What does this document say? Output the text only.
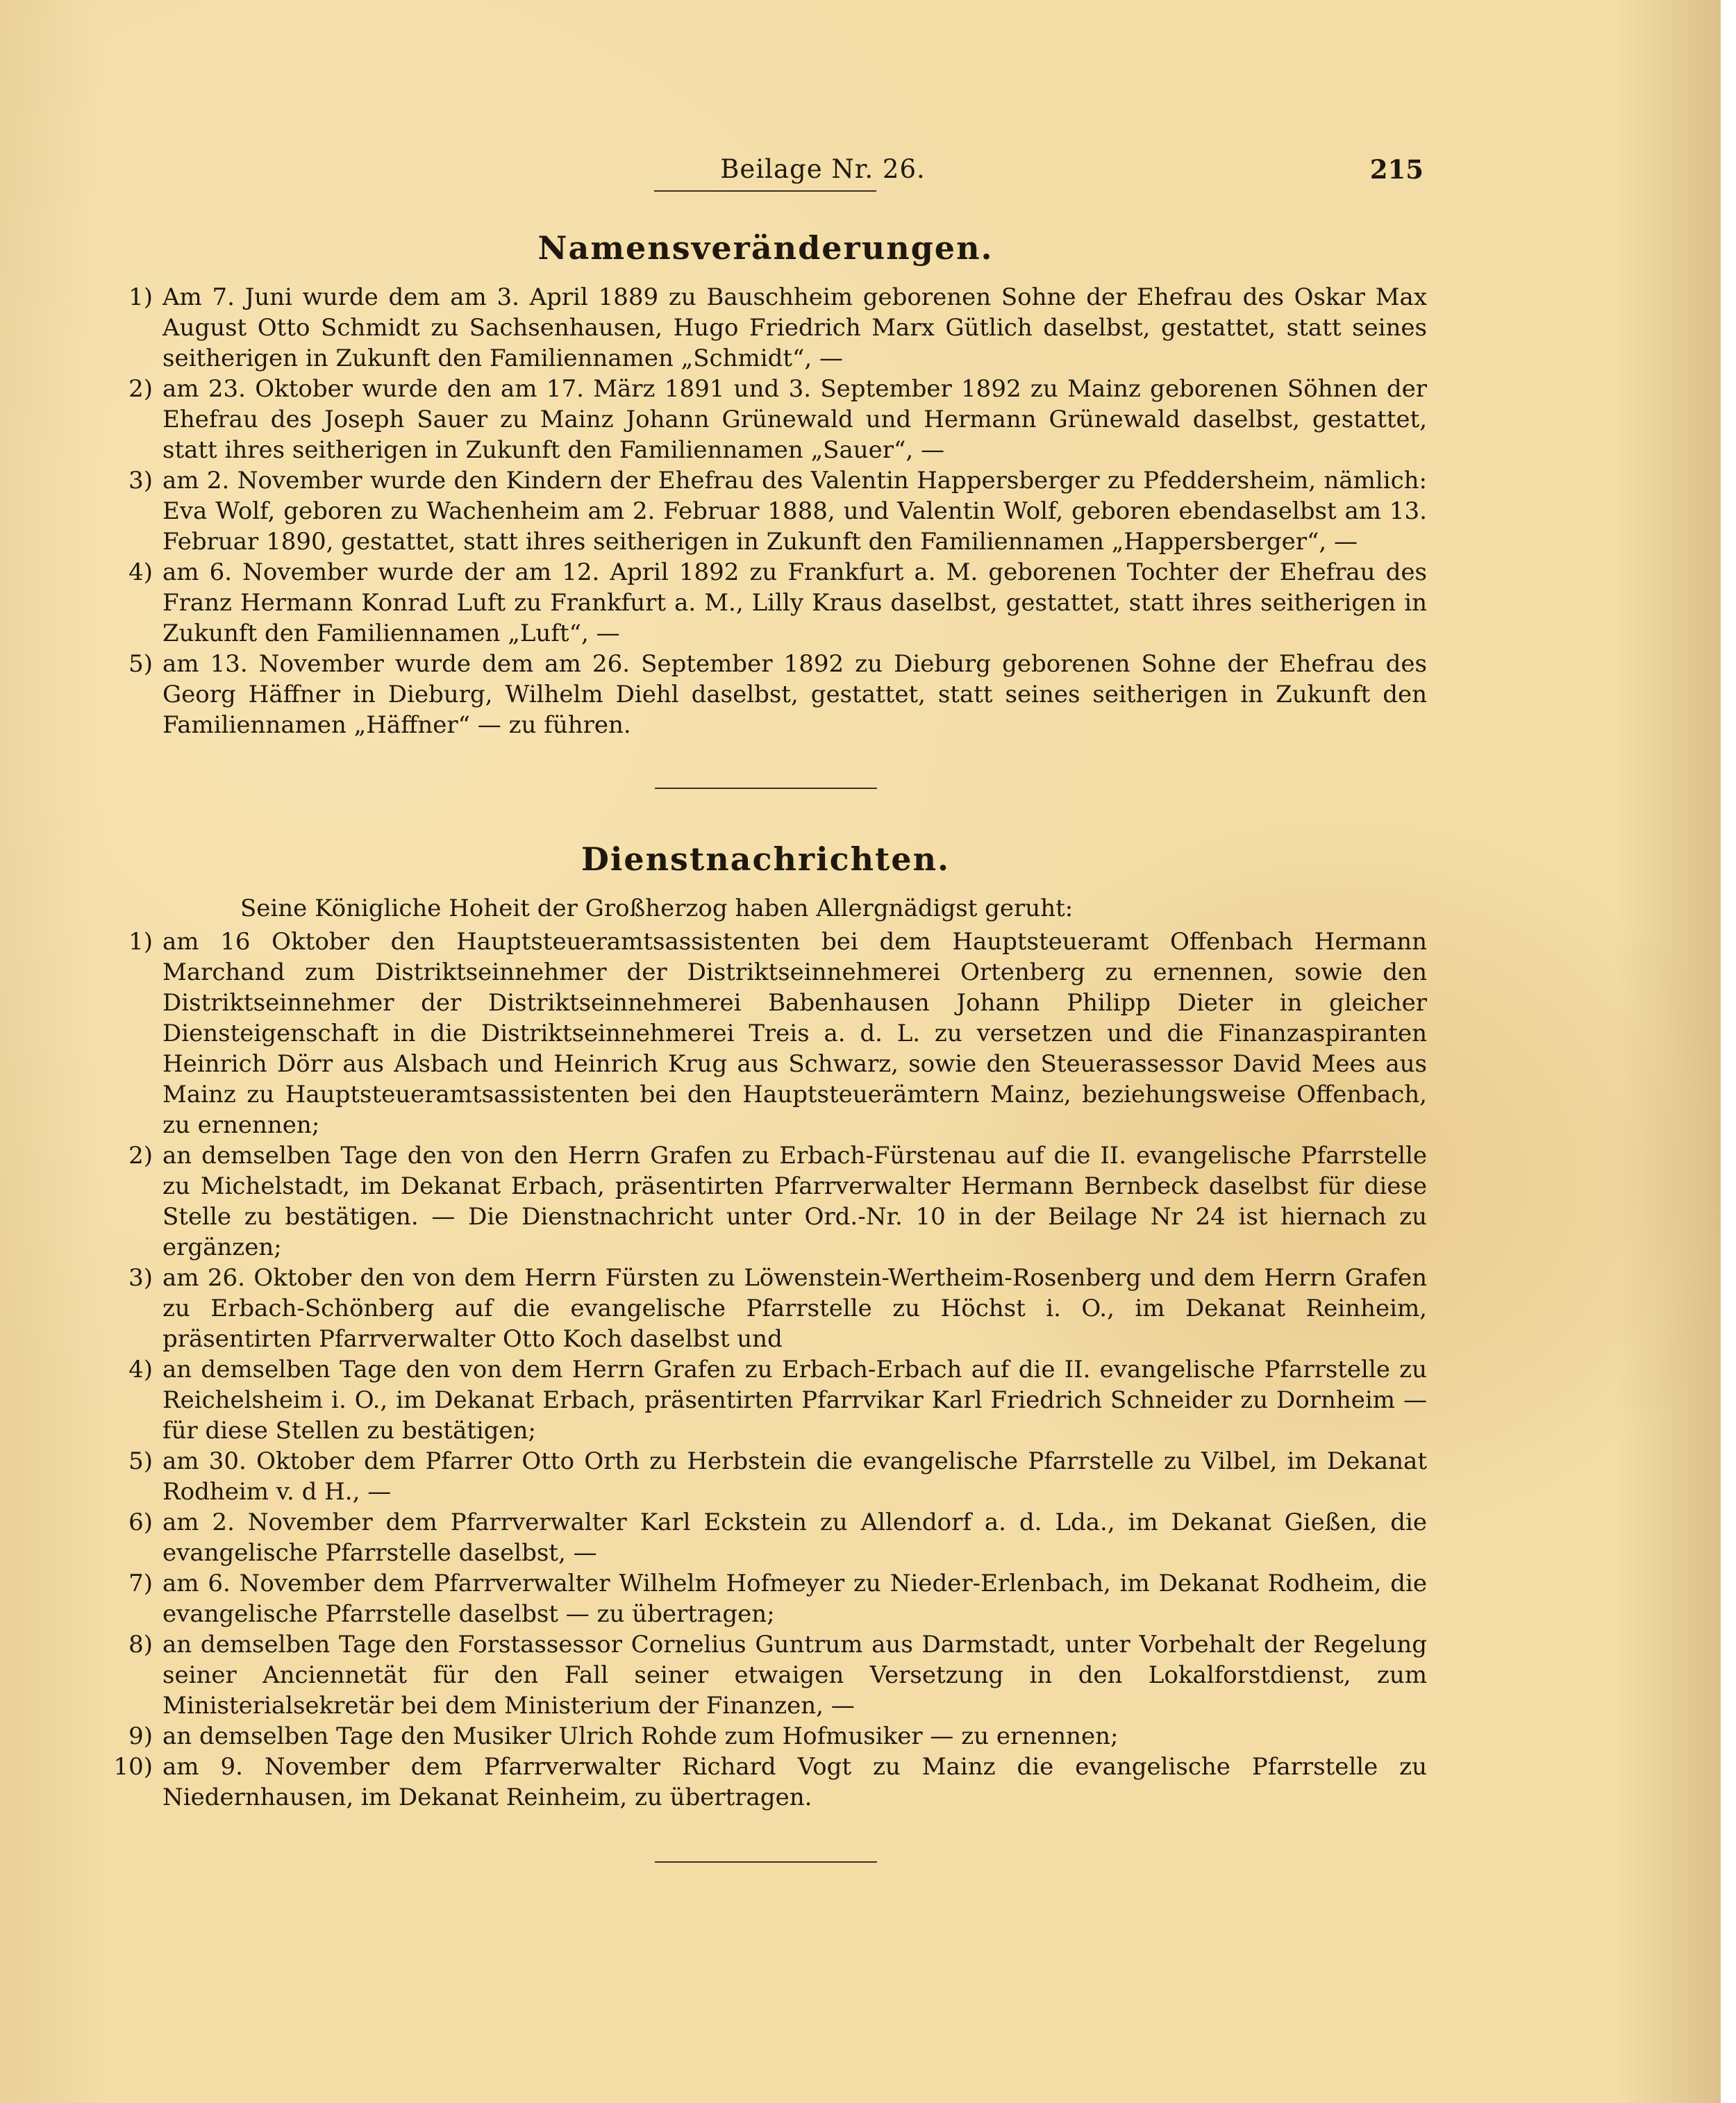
Beilage Nr. 26.	215
Namensveränderungen.
1) Am 7. Juni wurde dem am 3. April 1889 zu Bauschheim geborenen Sohne der Ehefrau des Oskar Max August Otto Schmidt zu Sachsenhausen, Hugo Friedrich Marx Gütlich daselbst, gestattet, statt seines seitherigen in Zukunft den Familiennamen „Schmidt“, —
2) am 23. Oktober wurde den am 17. März 1891 und 3. September 1892 zu Mainz geborenen Söhnen der Ehefrau des Joseph Sauer zu Mainz Johann Grünewald und Hermann Grünewald daselbst, gestattet, statt ihres seitherigen in Zukunft den Familiennamen „Sauer“, —
3) am 2. November wurde den Kindern der Ehefrau des Valentin Happersberger zu Pfeddersheim, nämlich: Eva Wolf, geboren zu Wachenheim am 2. Februar 1888, und Valentin Wolf, geboren ebendaselbst am 13. Februar 1890, gestattet, statt ihres seitherigen in Zukunft den Familiennamen „Happersberger“, —
4) am 6. November wurde der am 12. April 1892 zu Frankfurt a. M. geborenen Tochter der Ehefrau des Franz Hermann Konrad Luft zu Frankfurt a. M., Lilly Kraus daselbst, gestattet, statt ihres seitherigen in Zukunft den Familiennamen „Luft“, —
5) am 13. November wurde dem am 26. September 1892 zu Dieburg geborenen Sohne der Ehefrau des Georg Häffner in Dieburg, Wilhelm Diehl daselbst, gestattet, statt seines seitherigen in Zukunft den Familiennamen „Häffner“ — zu führen.
Dienstnachrichten.
Seine Königliche Hoheit der Großherzog haben Allergnädigst geruht:
1) am 16 Oktober den Hauptsteueramtsassistenten bei dem Hauptsteueramt Offenbach Hermann Marchand zum Distriktseinnehmer der Distriktseinnehmerei Ortenberg zu ernennen, sowie den Distriktseinnehmer der Distriktseinnehmerei Babenhausen Johann Philipp Dieter in gleicher Diensteigenschaft in die Distriktseinnehmerei Treis a. d. L. zu versetzen und die Finanzaspiranten Heinrich Dörr aus Alsbach und Heinrich Krug aus Schwarz, sowie den Steuerassessor David Mees aus Mainz zu Hauptsteueramtsassistenten bei den Hauptsteuerämtern Mainz, beziehungsweise Offenbach, zu ernennen;
2) an demselben Tage den von den Herrn Grafen zu Erbach-Fürstenau auf die II. evangelische Pfarrstelle zu Michelstadt, im Dekanat Erbach, präsentirten Pfarrverwalter Hermann Bernbeck daselbst für diese Stelle zu bestätigen. — Die Dienstnachricht unter Ord.-Nr. 10 in der Beilage Nr 24 ist hiernach zu ergänzen;
3) am 26. Oktober den von dem Herrn Fürsten zu Löwenstein-Wertheim-Rosenberg und dem Herrn Grafen zu Erbach-Schönberg auf die evangelische Pfarrstelle zu Höchst i. O., im Dekanat Reinheim, präsentirten Pfarrverwalter Otto Koch daselbst und
4) an demselben Tage den von dem Herrn Grafen zu Erbach-Erbach auf die II. evangelische Pfarrstelle zu Reichelsheim i. O., im Dekanat Erbach, präsentirten Pfarrvikar Karl Friedrich Schneider zu Dornheim — für diese Stellen zu bestätigen;
5) am 30. Oktober dem Pfarrer Otto Orth zu Herbstein die evangelische Pfarrstelle zu Vilbel, im Dekanat Rodheim v. d H., —
6) am 2. November dem Pfarrverwalter Karl Eckstein zu Allendorf a. d. Lda., im Dekanat Gießen, die evangelische Pfarrstelle daselbst, —
7) am 6. November dem Pfarrverwalter Wilhelm Hofmeyer zu Nieder-Erlenbach, im Dekanat Rodheim, die evangelische Pfarrstelle daselbst — zu übertragen;
8) an demselben Tage den Forstassessor Cornelius Guntrum aus Darmstadt, unter Vorbehalt der Regelung seiner Anciennetät für den Fall seiner etwaigen Versetzung in den Lokalforstdienst, zum Ministerialsekretär bei dem Ministerium der Finanzen, —
9) an demselben Tage den Musiker Ulrich Rohde zum Hofmusiker — zu ernennen;
10) am 9. November dem Pfarrverwalter Richard Vogt zu Mainz die evangelische Pfarrstelle zu Niedernhausen, im Dekanat Reinheim, zu übertragen.
